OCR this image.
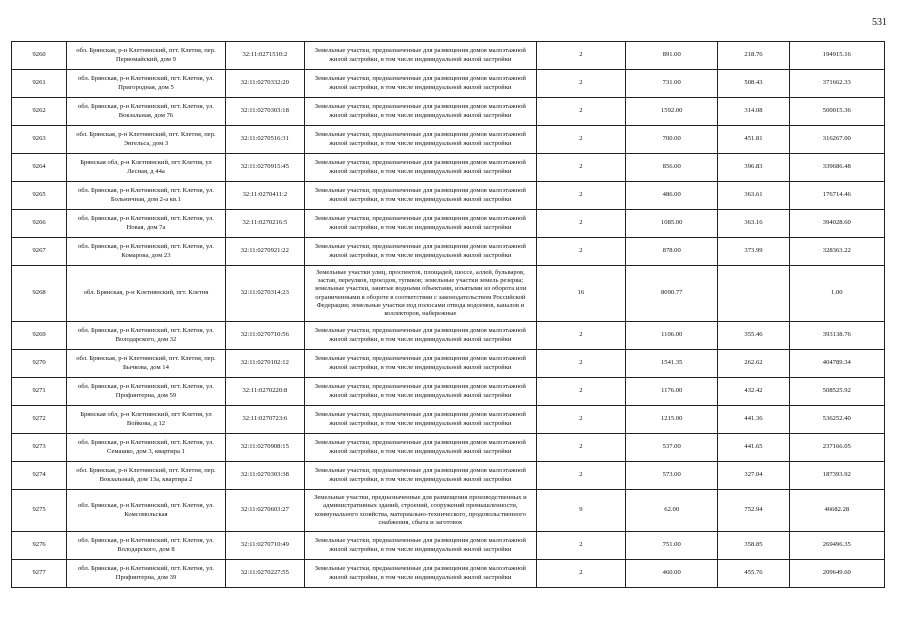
531
9260	обл. Брянская, р-н Клетнянский, пгт. Клетня, пер. Первомайский, дом 9	32:11:0271510:2	Земельные участки, предназначенные для размещения домов малоэтажной жилой застройки, в том числе индивидуальной жилой застройки	2	891.00	218.76	194915.16
9261	обл. Брянская, р-н Клетнянский, пгт. Клетня, ул. Пригородная, дом 5	32:11:0270332:20	Земельные участки, предназначенные для размещения домов малоэтажной жилой застройки, в том числе индивидуальной жилой застройки	2	731.00	508.43	371662.33
9262	обл. Брянская, р-н Клетнянский, пгт. Клетня, ул. Вокзальная, дом 76	32:11:0270303:18	Земельные участки, предназначенные для размещения домов малоэтажной жилой застройки, в том числе индивидуальной жилой застройки	2	1592.00	314.08	500015.36
9263	обл. Брянская, р-н Клетнянский, пгт. Клетня, пер. Энгельса, дом 3	32:11:0270516:31	Земельные участки, предназначенные для размещения домов малоэтажной жилой застройки, в том числе индивидуальной жилой застройки	2	700.00	451.81	316267.00
9264	Брянская обл, р-н Клетнянский, пгт Клетня, ул Лесная, д 44а	32:11:0270915:45	Земельные участки, предназначенные для размещения домов малоэтажной жилой застройки, в том числе индивидуальной жилой застройки	2	856.00	396.83	339686.48
9265	обл. Брянская, р-н Клетнянский, пгт. Клетня, ул. Больничная, дом 2-а кв.1	32:11:0270411:2	Земельные участки, предназначенные для размещения домов малоэтажной жилой застройки, в том числе индивидуальной жилой застройки	2	486.00	363.61	176714.46
9266	обл. Брянская, р-н Клетнянский, пгт. Клетня, ул. Новая, дом 7а	32:11:0270216:5	Земельные участки, предназначенные для размещения домов малоэтажной жилой застройки, в том числе индивидуальной жилой застройки	2	1085.00	363.16	394028.60
9267	обл. Брянская, р-н Клетнянский, пгт. Клетня, ул. Комарова, дом 23	32:11:0270921:22	Земельные участки, предназначенные для размещения домов малоэтажной жилой застройки, в том числе индивидуальной жилой застройки	2	878.00	373.99	328363.22
9268	обл. Брянская, р-н Клетнянский, пгт. Клетня	32:11:0270314:23	Земельные участки улиц, проспектов, площадей, шоссе, аллей, бульваров, застав, переулков, проездов, тупиков; земельные участки земель резерва; земельные участки, занятые водными объектами, изъятыми из оборота или ограниченными в обороте в соответствии с законодательством Российской Федерации; земельные участки под полосами отвода водоемов, каналов и коллекторов, набережные	16	8090.77		1.00
9269	обл. Брянская, р-н Клетнянский, пгт. Клетня, ул. Володарского, дом 32	32:11:0270710:56	Земельные участки, предназначенные для размещения домов малоэтажной жилой застройки, в том числе индивидуальной жилой застройки	2	1106.00	355.46	393138.76
9270	обл. Брянская, р-н Клетнянский, пгт. Клетня, пер. Бычкова, дом 14	32:11:0270102:12	Земельные участки, предназначенные для размещения домов малоэтажной жилой застройки, в том числе индивидуальной жилой застройки	2	1541.35	262.62	404789.34
9271	обл. Брянская, р-н Клетнянский, пгт. Клетня, ул. Профинтерна, дом 59	32:11:0270220:8	Земельные участки, предназначенные для размещения домов малоэтажной жилой застройки, в том числе индивидуальной жилой застройки	2	1176.00	432.42	508525.92
9272	Брянская обл, р-н Клетнянский, пгт Клетня, ул Войкова, д 12	32:11:0270723:6	Земельные участки, предназначенные для размещения домов малоэтажной жилой застройки, в том числе индивидуальной жилой застройки	2	1215.00	441.36	536252.40
9273	обл. Брянская, р-н Клетнянский, пгт. Клетня, ул. Семашко, дом 3, квартира 1	32:11:0270908:15	Земельные участки, предназначенные для размещения домов малоэтажной жилой застройки, в том числе индивидуальной жилой застройки	2	537.00	441.65	237166.05
9274	обл. Брянская, р-н Клетнянский, пгт. Клетня, пер. Вокзальный, дом 13а, квартира 2	32:11:0270303:38	Земельные участки, предназначенные для размещения домов малоэтажной жилой застройки, в том числе индивидуальной жилой застройки	2	573.00	327.04	187393.92
9275	обл. Брянская, р-н Клетнянский, пгт. Клетня, ул. Комсомольская	32:11:0270603:27	Земельные участки, предназначенные для размещения производственных и административных зданий, строений, сооружений промышленности, коммунального хозяйства, материально-технического, продовольственного снабжения, сбыта и заготовок	9	62.00	752.94	46682.28
9276	обл. Брянская, р-н Клетнянский, пгт. Клетня, ул. Володарского, дом 8	32:11:0270710:49	Земельные участки, предназначенные для размещения домов малоэтажной жилой застройки, в том числе индивидуальной жилой застройки	2	751.00	358.85	269496.35
9277	обл. Брянская, р-н Клетнянский, пгт. Клетня, ул. Профинтерна, дом 39	32:11:0270227:55	Земельные участки, предназначенные для размещения домов малоэтажной жилой застройки, в том числе индивидуальной жилой застройки	2	460.00	455.76	209649.60
